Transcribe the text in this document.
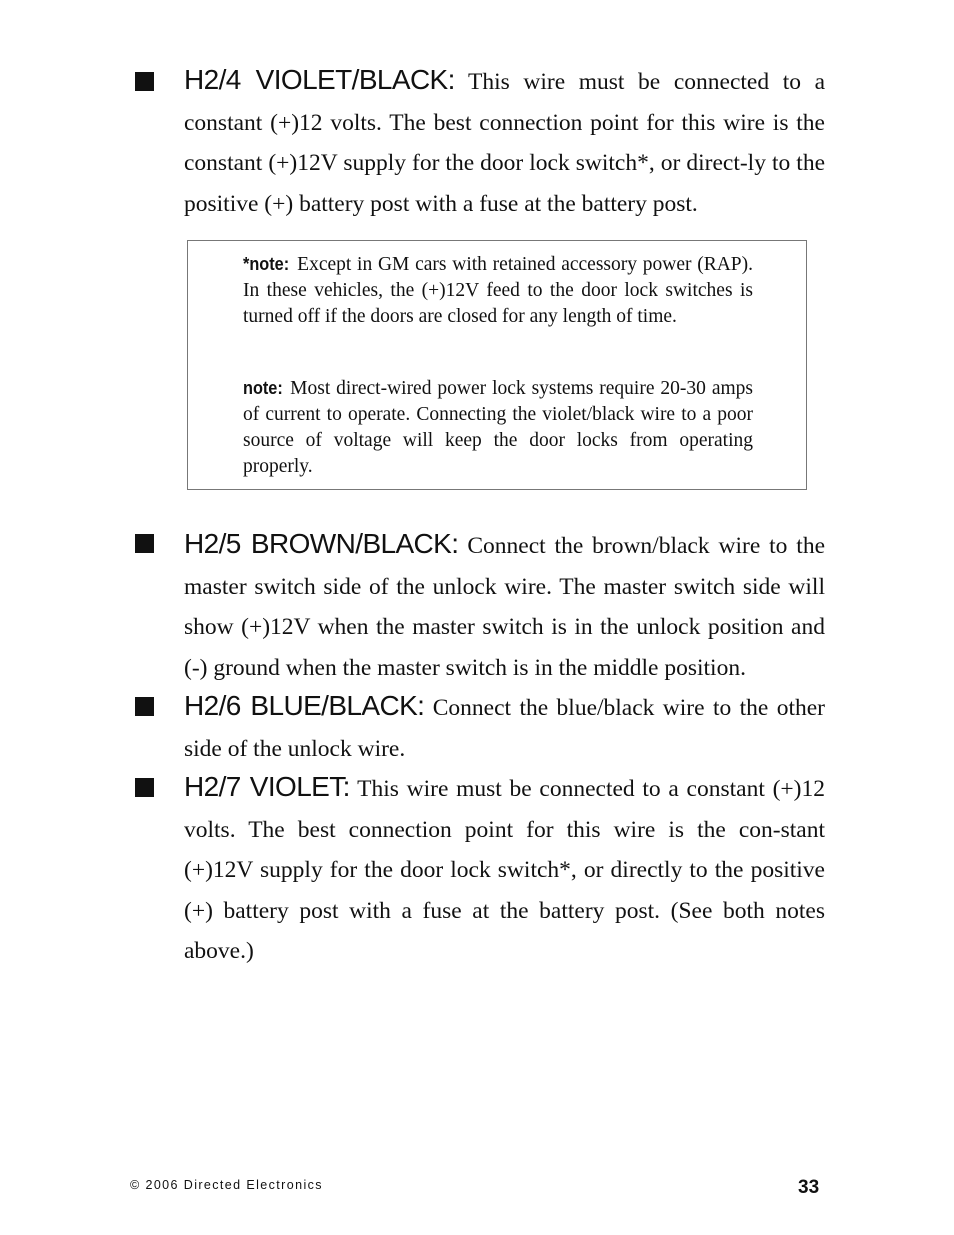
H2/4 VIOLET/BLACK: This wire must be connected to a constant (+)12 volts. The best connection point for this wire is the constant (+)12V supply for the door lock switch*, or direct-ly to the positive (+) battery post with a fuse at the battery post.

*note: Except in GM cars with retained accessory power (RAP). In these vehicles, the (+)12V feed to the door lock switches is turned off if the doors are closed for any length of time.

note: Most direct-wired power lock systems require 20-30 amps of current to operate. Connecting the violet/black wire to a poor source of voltage will keep the door locks from operating properly.

H2/5 BROWN/BLACK: Connect the brown/black wire to the master switch side of the unlock wire. The master switch side will show (+)12V when the master switch is in the unlock position and (-) ground when the master switch is in the middle position.

H2/6 BLUE/BLACK: Connect the blue/black wire to the other side of the unlock wire.

H2/7 VIOLET: This wire must be connected to a constant (+)12 volts. The best connection point for this wire is the con-stant (+)12V supply for the door lock switch*, or directly to the positive (+) battery post with a fuse at the battery post. (See both notes above.)

© 2006 Directed Electronics	33
